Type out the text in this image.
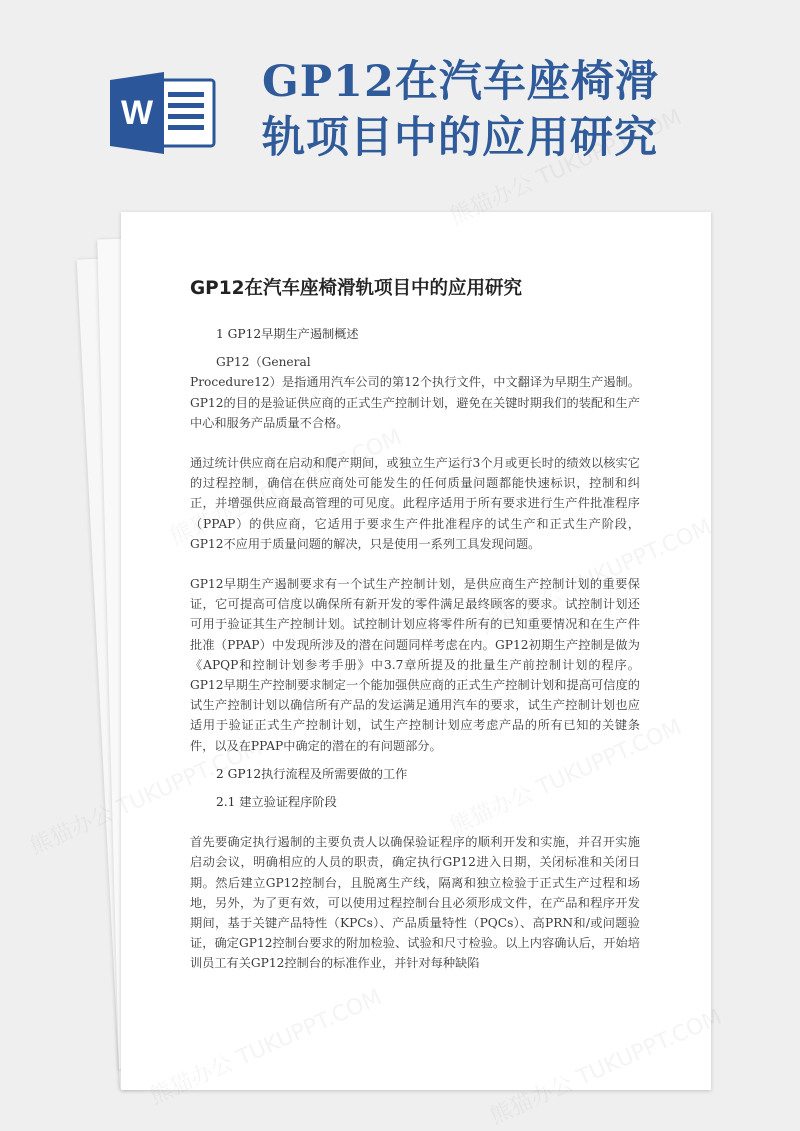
W
GP12在汽车座椅滑
轨项目中的应用研究
GP12在汽车座椅滑轨项目中的应用研究
1 GP12早期生产遏制概述
GP12（General
Procedure12）是指通用汽车公司的第12个执行文件，中文翻译为早期生产遏制。GP12的目的是验证供应商的正式生产控制计划，避免在关键时期我们的装配和生产中心和服务产品质量不合格。
通过统计供应商在启动和爬产期间，或独立生产运行3个月或更长时的绩效以核实它的过程控制，确信在供应商处可能发生的任何质量问题都能快速标识，控制和纠正，并增强供应商最高管理的可见度。此程序适用于所有要求进行生产件批准程序（PPAP）的供应商，它适用于要求生产件批准程序的试生产和正式生产阶段，GP12不应用于质量问题的解决，只是使用一系列工具发现问题。
GP12早期生产遏制要求有一个试生产控制计划，是供应商生产控制计划的重要保证，它可提高可信度以确保所有新开发的零件满足最终顾客的要求。试控制计划还可用于验证其生产控制计划。试控制计划应将零件所有的已知重要情况和在生产件批准（PPAP）中发现所涉及的潜在问题同样考虑在内。GP12初期生产控制是做为《APQP和控制计划参考手册》中3.7章所提及的批量生产前控制计划的程序。GP12早期生产控制要求制定一个能加强供应商的正式生产控制计划和提高可信度的试生产控制计划以确信所有产品的发运满足通用汽车的要求，试生产控制计划也应适用于验证正式生产控制计划，试生产控制计划应考虑产品的所有已知的关键条件，以及在PPAP中确定的潜在的有问题部分。
2 GP12执行流程及所需要做的工作
2.1 建立验证程序阶段
首先要确定执行遏制的主要负责人以确保验证程序的顺利开发和实施，并召开实施启动会议，明确相应的人员的职责，确定执行GP12进入日期，关闭标准和关闭日期。然后建立GP12控制台，且脱离生产线，隔离和独立检验于正式生产过程和场地，另外，为了更有效，可以使用过程控制台且必须形成文件，在产品和程序开发期间，基于关键产品特性（KPCs）、产品质量特性（PQCs）、高PRN和/或问题验证，确定GP12控制台要求的附加检验、试验和尺寸检验。以上内容确认后，开始培训员工有关GP12控制台的标准作业，并针对每种缺陷
